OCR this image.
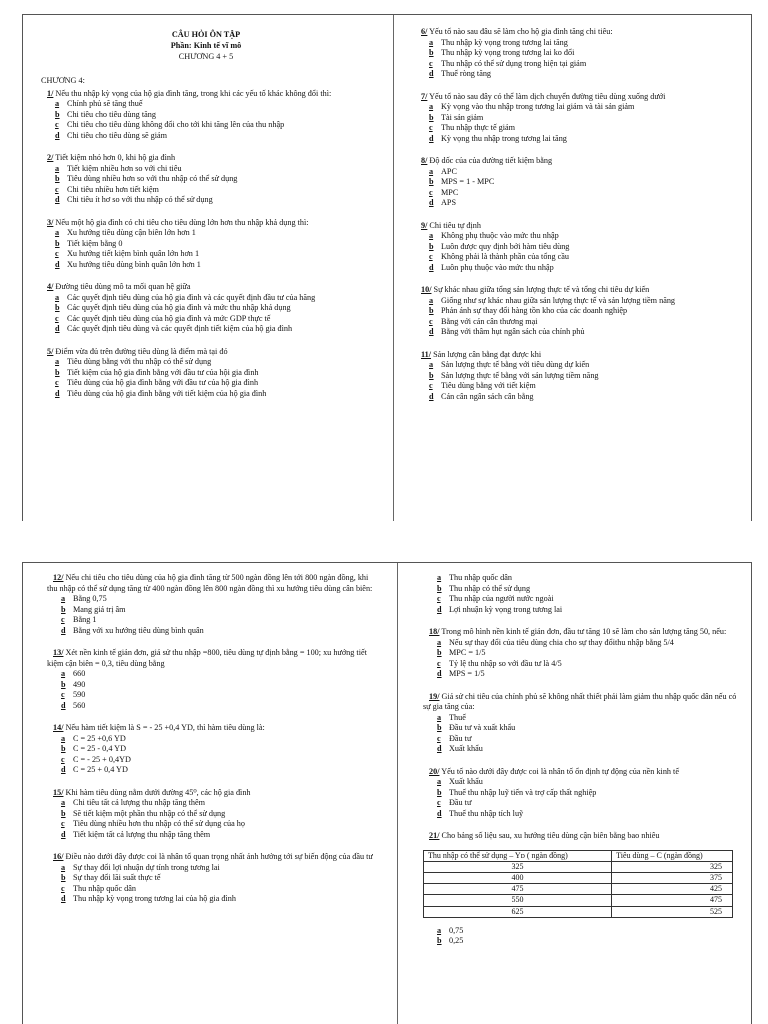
CÂU HỎI ÔN TẬP
Phần: Kinh tế vĩ mô
CHƯƠNG 4 + 5
CHƯƠNG 4:
1/ Nếu thu nhập kỳ vọng của hộ gia đình tăng, trong khi các yếu tố khác không đổi thì:
a Chính phủ sẽ tăng thuế
b Chi tiêu cho tiêu dùng tăng
c Chi tiêu cho tiêu dùng không đổi cho tới khi tăng lên của thu nhập
d Chi tiêu cho tiêu dùng sẽ giảm
2/ Tiết kiệm nhỏ hơn 0, khi hộ gia đình
a Tiết kiệm nhiều hơn so với chi tiêu
b Tiêu dùng nhiều hơn so với thu nhập có thể sử dụng
c Chi tiêu nhiều hơn tiết kiệm
d Chi tiêu ít hơ so với thu nhập có thể sử dụng
3/ Nếu một hộ gia đình có chi tiêu cho tiêu dùng lớn hơn thu nhập khả dụng thì:
a Xu hướng tiêu dùng cận biên lớn hơn 1
b Tiết kiệm bằng 0
c Xu hướng tiết kiệm bình quân lớn hơn 1
d Xu hướng tiêu dùng bình quân lớn hơn 1
4/ Đường tiêu dùng mô ta mối quan hệ giữa
a Các quyết định tiêu dùng của hộ gia đình và các quyết định đầu tư của hãng
b Các quyết định tiêu dùng của hộ gia đình và mức thu nhập khả dụng
c Các quyết định tiêu dùng của hộ gia đình và mức GDP thực tế
d Các quyết định tiêu dùng và các quyết định tiết kiệm của hộ gia đình
5/ Điểm vừa đủ trên đường tiêu dùng là điểm mà tại đó
a Tiêu dùng bằng với thu nhập có thể sử dụng
b Tiết kiệm của hộ gia đình bằng với đầu tư của hội gia đình
c Tiêu dùng của hộ gia đình bằng với đầu tư của hộ gia đình
d Tiêu dùng của hộ gia đình bằng với tiết kiệm của hộ gia đình
6/ Yếu tố nào sau đâu sẽ làm cho hộ gia đình tăng chi tiêu:
a Thu nhập kỳ vọng trong tương lai tăng
b Thu nhập kỳ vọng trong tương lai ko đổi
c Thu nhập có thể sử dụng trong hiện tại giảm
d Thuế ròng tăng
7/ Yếu tố nào sau đây có thể làm dịch chuyển đường tiêu dùng xuống dưới
a Kỳ vọng vào thu nhập trong tương lai giảm và tài sản giảm
b Tài sản giảm
c Thu nhập thực tế giảm
d Kỳ vọng thu nhập trong tương lai tăng
8/ Độ dốc của của đường tiết kiệm bằng
a APC
b MPS = 1 - MPC
c MPC
d APS
9/ Chi tiêu tự định
a Không phụ thuộc vào mức thu nhập
b Luôn được quy định bởi hàm tiêu dùng
c Không phải là thành phần của tổng cầu
d Luôn phụ thuộc vào mức thu nhập
10/ Sự khác nhau giữa tổng sản lượng thực tế và tổng chi tiêu dự kiến
a Giống như sự khác nhau giữa sản lượng thực tế và sản lượng tiềm năng
b Phản ánh sự thay đổi hàng tồn kho của các doanh nghiệp
c Bằng với cán cân thương mại
d Bằng với thâm hụt ngân sách của chính phủ
11/ Sản lượng cân bằng đạt được khi
a Sản lượng thực tế bằng với tiêu dùng dự kiến
b Sản lượng thực tế bằng với sản lượng tiềm năng
c Tiêu dùng bằng với tiết kiệm
d Cán cân ngân sách cân bằng
12/ Nếu chi tiêu cho tiêu dùng của hộ gia đình tăng từ 500 ngàn đồng lên tới 800 ngàn đồng, khi thu nhập có thể sử dụng tăng từ 400 ngàn đồng lên 800 ngàn đồng thì xu hướng tiêu dùng cân biên:
a Bằng 0,75
b Mang giá trị âm
c Bằng 1
d Bằng với xu hướng tiêu dùng bình quân
13/ Xét nền kinh tế giản đơn, giả sử thu nhập =800, tiêu dùng tự định bằng = 100; xu hướng tiết kiệm cận biên = 0,3, tiêu dùng bằng
a 660
b 490
c 590
d 560
14/ Nếu hàm tiết kiệm là S = - 25 +0,4 YD, thì hàm tiêu dùng là:
a C = 25 +0,6 YD
b C = 25 - 0,4 YD
c C = - 25 + 0,4YD
d C = 25 + 0,4 YD
15/ Khi hàm tiêu dùng nằm dưới đường 45⁰, các hộ gia đình
a Chi tiêu tất cả lượng thu nhập tăng thêm
b Sẽ tiết kiệm một phần thu nhập có thể sử dụng
c Tiêu dùng nhiều hơn thu nhập có thể sử dụng của họ
d Tiết kiệm tất cả lượng thu nhập tăng thêm
16/ Điều nào dưới đây được coi là nhân tố quan trọng nhất ảnh hưởng tới sự biến động của đầu tư
a Sự thay đổi lợi nhuận dự tính trong tương lai
b Sự thay đổi lãi suất thực tế
c Thu nhập quốc dân
d Thu nhập kỳ vọng trong tương lai của hộ gia đình
a Thu nhập quốc dân
b Thu nhập có thể sử dụng
c Thu nhập của người nước ngoài
d Lợi nhuận kỳ vọng trong tương lai
18/ Trong mô hình nền kinh tế giản đơn, đầu tư tăng 10 sẽ làm cho sản lượng tăng 50, nếu:
a Nếu sự thay đổi của tiêu dùng chia cho sự thay đổithu nhập bằng 5/4
b MPC = 1/5
c Tỷ lệ thu nhập so với đầu tư là 4/5
d MPS = 1/5
19/ Giả sử chi tiêu của chính phủ sẽ không nhất thiết phải làm giảm thu nhập quốc dân nếu có sự gia tăng của:
a Thuế
b Đầu tư và xuất khẩu
c Đầu tư
d Xuất khẩu
20/ Yếu tố nào dưới đây được coi là nhân tố ổn định tự động của nền kinh tế
a Xuất khẩu
b Thuế thu nhập luỹ tiến và trợ cấp thất nghiệp
c Đầu tư
d Thuế thu nhập tích luỹ
21/ Cho bảng số liệu sau, xu hướng tiêu dùng cận biên bằng bao nhiêu
Thu nhập có thể sử dụng – Yᴅ ( ngàn đồng)	Tiêu dùng – C (ngàn đồng)
325	325
400	375
475	425
550	475
625	525
a 0,75
b 0,25
